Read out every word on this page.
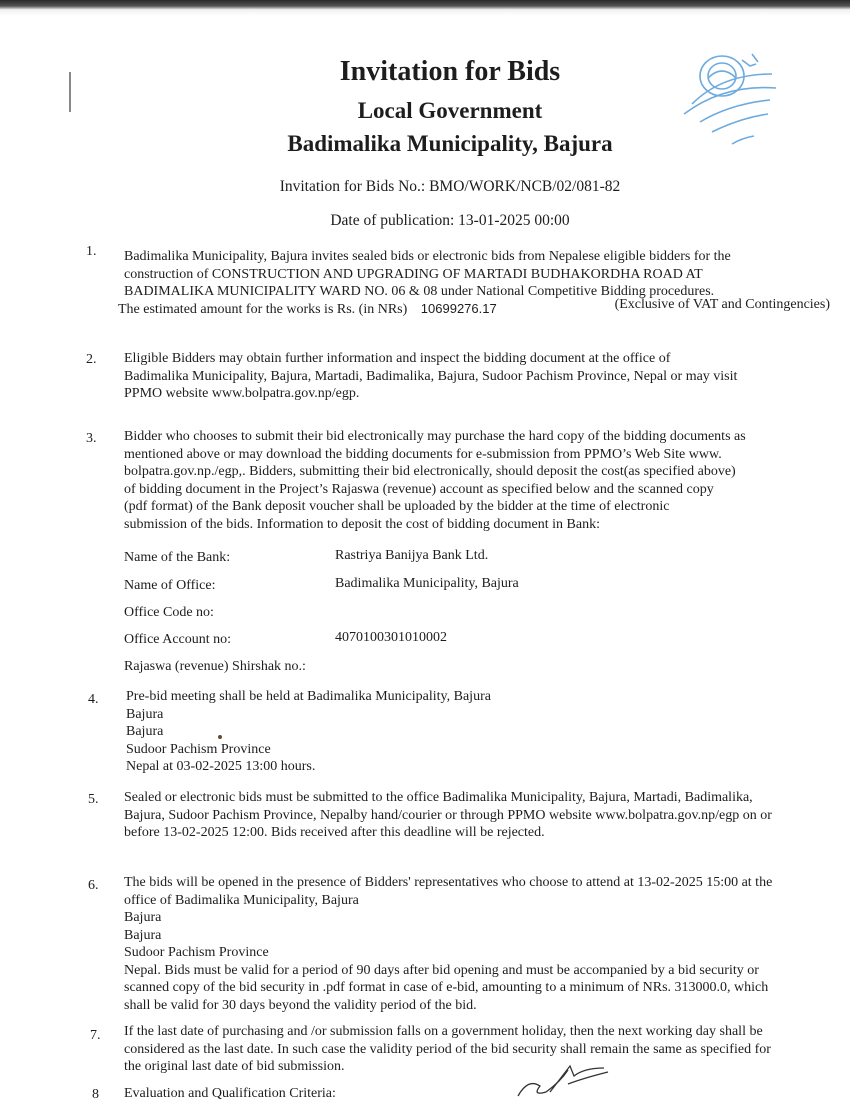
Invitation for Bids
Local Government
Badimalika Municipality, Bajura
Invitation for Bids No.: BMO/WORK/NCB/02/081-82
Date of publication: 13-01-2025 00:00
1. Badimalika Municipality, Bajura invites sealed bids or electronic bids from Nepalese eligible bidders for the
construction of CONSTRUCTION AND UPGRADING OF MARTADI BUDHAKORDHA ROAD AT
BADIMALIKA MUNICIPALITY WARD NO. 06 & 08 under National Competitive Bidding procedures.
The estimated amount for the works is Rs. (in NRs) 10699276.17	(Exclusive of VAT and Contingencies)
2. Eligible Bidders may obtain further information and inspect the bidding document at the office of
Badimalika Municipality, Bajura, Martadi, Badimalika, Bajura, Sudoor Pachism Province, Nepal or may visit
PPMO website www.bolpatra.gov.np/egp.
3. Bidder who chooses to submit their bid electronically may purchase the hard copy of the bidding documents as
mentioned above or may download the bidding documents for e-submission from PPMO’s Web Site www.
bolpatra.gov.np./egp,. Bidders, submitting their bid electronically, should deposit the cost(as specified above)
of bidding document in the Project’s Rajaswa (revenue) account as specified below and the scanned copy
(pdf format) of the Bank deposit voucher shall be uploaded by the bidder at the time of electronic
submission of the bids. Information to deposit the cost of bidding document in Bank:
Name of the Bank:	Rastriya Banijya Bank Ltd.
Name of Office:	Badimalika Municipality, Bajura
Office Code no:
Office Account no:	4070100301010002
Rajaswa (revenue) Shirshak no.:
4. Pre-bid meeting shall be held at Badimalika Municipality, Bajura
Bajura
Bajura
Sudoor Pachism Province
Nepal at 03-02-2025 13:00 hours.
5. Sealed or electronic bids must be submitted to the office Badimalika Municipality, Bajura, Martadi, Badimalika,
Bajura, Sudoor Pachism Province, Nepalby hand/courier or through PPMO website www.bolpatra.gov.np/egp on or
before 13-02-2025 12:00. Bids received after this deadline will be rejected.
6. The bids will be opened in the presence of Bidders' representatives who choose to attend at 13-02-2025 15:00 at the
office of Badimalika Municipality, Bajura
Bajura
Bajura
Sudoor Pachism Province
Nepal. Bids must be valid for a period of 90 days after bid opening and must be accompanied by a bid security or
scanned copy of the bid security in .pdf format in case of e-bid, amounting to a minimum of NRs. 313000.0, which
shall be valid for 30 days beyond the validity period of the bid.
7. If the last date of purchasing and /or submission falls on a government holiday, then the next working day shall be
considered as the last date. In such case the validity period of the bid security shall remain the same as specified for
the original last date of bid submission.
8 Evaluation and Qualification Criteria:
